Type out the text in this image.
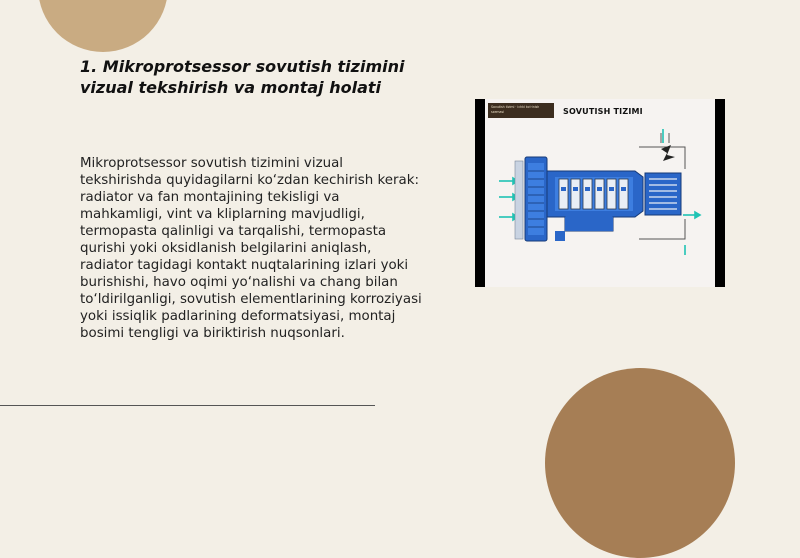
1. Mikroprotsessor sovutish tizimini vizual tekshirish va montaj holati

Mikroprotsessor sovutish tizimini vizual tekshirishda quyidagilarni ko‘zdan kechirish kerak: radiator va fan montajining tekisligi va mahkamligi, vint va kliplarning mavjudligi, termopasta qalinligi va tarqalishi, termopasta qurishi yoki oksidlanish belgilarini aniqlash, radiator tagidagi kontakt nuqtalarining izlari yoki burishishi, havo oqimi yo‘nalishi va chang bilan to‘ldirilganligi, sovutish elementlarining korroziyasi yoki issiqlik padlarining deformatsiyasi, montaj bosimi tengligi va biriktirish nuqsonlari.

Sovutish tizimi · ichki ko‘rinish sxemasi	SOVUTISH TIZIMI
